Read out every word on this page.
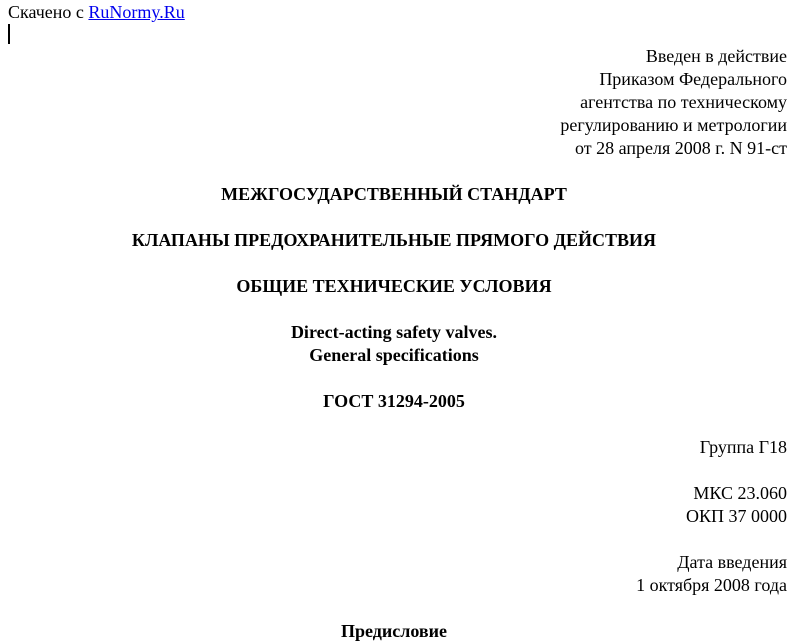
Скачено с RuNormy.Ru
Введен в действие
Приказом Федерального
агентства по техническому
регулированию и метрологии
от 28 апреля 2008 г. N 91-ст
МЕЖГОСУДАРСТВЕННЫЙ СТАНДАРТ
КЛАПАНЫ ПРЕДОХРАНИТЕЛЬНЫЕ ПРЯМОГО ДЕЙСТВИЯ
ОБЩИЕ ТЕХНИЧЕСКИЕ УСЛОВИЯ
Direct-acting safety valves.
General specifications
ГОСТ 31294-2005
Группа Г18
МКС 23.060
ОКП 37 0000
Дата введения
1 октября 2008 года
Предисловие
